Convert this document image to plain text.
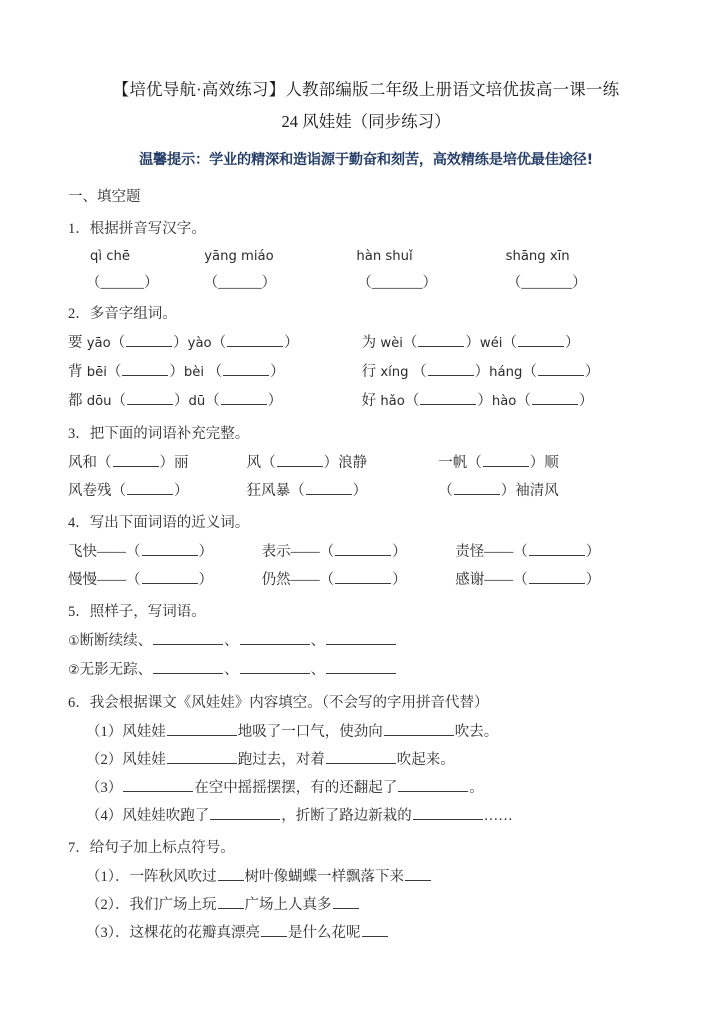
【培优导航·高效练习】人教部编版二年级上册语文培优拔高一课一练
24 风娃娃（同步练习）
温馨提示：学业的精深和造诣源于勤奋和刻苦，高效精练是培优最佳途径!
一、填空题
1．根据拼音写汉字。
qì chē	yāng miáo	hàn shuǐ	shāng xīn
（______）	（______）	（_______）	（_______）
2．多音字组词。
要 yāo（	）yào（	）	为 wèi（	）wéi（	）
背 bēi（	）bèi （	）	行 xíng （	）háng（	）
都 dōu（	）dū（	）	好 hǎo（	）hào（	）
3．把下面的词语补充完整。
风和（	）丽	风（	）浪静	一帆（	）顺
风卷残（	）	狂风暴（	）	（	）袖清风
4．写出下面词语的近义词。
飞快——（	）	表示——（	）	责怪——（	）
慢慢——（	）	仍然——（	）	感谢——（	）
5．照样子，写词语。
①断断续续、	、	、
②无影无踪、	、	、
6．我会根据课文《风娃娃》内容填空。（不会写的字用拼音代替）
（1）风娃娃	地吸了一口气，使劲向	吹去。
（2）风娃娃	跑过去，对着	吹起来。
（3）	在空中摇摇摆摆，有的还翻起了	。
（4）风娃娃吹跑了	，折断了路边新栽的	……
7．给句子加上标点符号。
（1）．一阵秋风吹过 树叶像蝴蝶一样飘落下来
（2）．我们广场上玩 广场上人真多
（3）．这棵花的花瓣真漂亮 是什么花呢
